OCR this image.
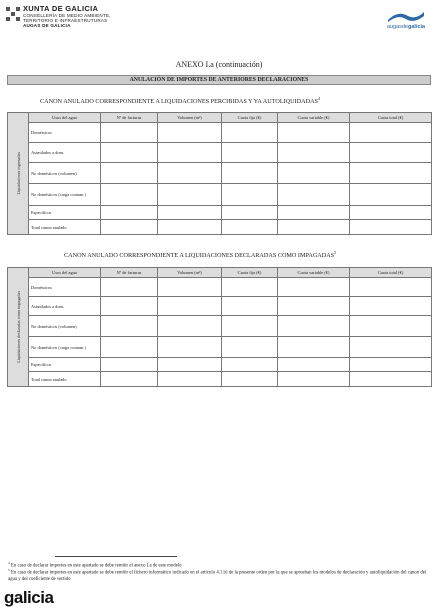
XUNTA DE GALICIA
CONSELLERÍA DE MEDIO AMBIENTE,
TERRITORIO E INFRAESTRUTURAS
AUGAS DE GALICIA	augasdegalicia
ANEXO I.a (continuación)
ANULACIÓN DE IMPORTES DE ANTERIORES DECLARACIONES
CANON ANULADO CORRESPONDIENTE A LIQUIDACIONES PERCIBIDAS Y YA AUTOLIQUIDADAS$^4$
Liquidaciones ingresadas	Usos del agua	Nº de facturas	Volumen (m³)	Cuota fija (€)	Cuota variable (€)	Cuota total (€)
	Domésticos					
	Asimilados a dom.					
	No domésticos (volumen)					
	No domésticos (carga contam.)					
	Específicos					
	Total canon anulado					
CANON ANULADO CORRESPONDIENTE A LIQUIDACIONES DECLARADAS COMO IMPAGADAS$^5$
Liquidaciones declaradas como impagadas	Usos del agua	Nº de facturas	Volumen (m³)	Cuota fija (€)	Cuota variable (€)	Cuota total (€)
	Domésticos					
	Asimilados a dom.					
	No domésticos (volumen)					
	No domésticos (carga contam.)					
	Específicos					
	Total canon anulado					
$^4$ En caso de declarar importes en este apartado se debe remitir el anexo I.a de este modelo
$^5$ En caso de declarar importes en este apartado se debe remitir el fichero informático indicado en el artículo 4.1.b) de la presente orden por la que se aprueban los modelos de declaración y autoliquidación del canon del agua y del coeficiente de vertido
galicia
